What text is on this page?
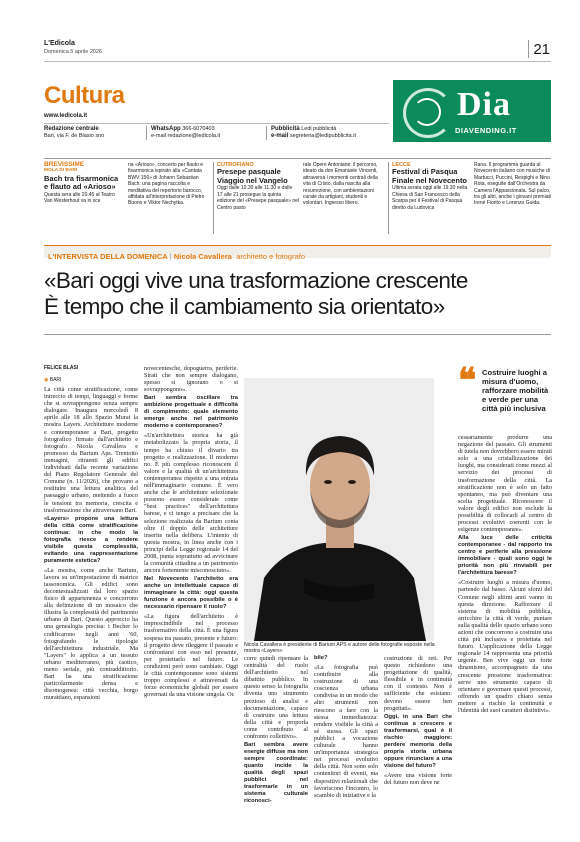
L'Edicola
Domenica 5 aprile 2026	21
Cultura
www.ledicola.it
Redazione centrale
Bari, via F. de Blasio sno
WhatsApp 366-6070403
e-mail redazione@ledicola.it
Pubblicità Ledi pubblicità
e-mail segreteria@ledipubblicita.it
Dia
DIAVENDING.IT
BREVISSIME
MOLA DI BARI
Bach tra fisarmonica e flauto ad «Arioso»
Questa sera alle 20.45 al Teatro Van Westerhout va in sce
na «Arioso», concerto per flauto e fisarmonica ispirato alla «Cantata BWV 156» di Johann Sebastian Bach: una pagina raccolta e meditativa del repertorio barocco, affidata all'interpretazione di Pietro Buono e Viktor Nechytka.
CUTROFIANO
Presepe pasquale Viaggio nel Vangelo
Oggi dalle 10.30 alle 11.30 e dalle 17 alle 21 prosegue la quinta edizione del «Presepe pasquale» nel Centro pasto
rale Opere Antoniane: il percorso, ideato da don Emanuele Vincenti, attraversa i momenti centrali della vita di Cristo, dalla nascita alla resurrezione, con ambientazioni curate da artigiani, studenti e volontari. Ingresso libero.
LECCE
Festival di Pasqua Finale nel Novecento
Ultima serata oggi alle 19.30 nella Chiesa di San Francesco della Scarpa per il Festival di Pasqua diretto da Ludovica
Rana. Il programma guarda al Novecento italiano con musiche di Martucci, Puccini, Respighi e Nino Rota, eseguite dall'Orchestra da Camera l'Appassionata. Sul palco, tra gli altri, anche i giovani premiati Irené Fiorito e Lorenzo Guida.
L'INTERVISTA DELLA DOMENICA | Nicola Cavallera architetto e fotografo
«Bari oggi vive una trasformazione crescente
È tempo che il cambiamento sia orientato»
FELICE BLASI
◉ BARI

La città come stratificazione, come intreccio di tempi, linguaggi e forme che si sovrappongono senza sempre dialogare. Inaugura mercoledì 8 aprile alle 18 allo Spazio Murat la mostra Layers. Architetture moderne e contemporanee a Bari, progetto fotografico firmato dall'architetto e fotografo Nicola Cavallera e promosso da Barium Aps. Trentotto immagini, ritraenti gli edifici individuati dalla recente variazione del Piano Regolatore Generale del Comune (n. 11/2026), che provano a restituire una lettura analitica del paesaggio urbano, mettendo a fuoco le tensioni tra memoria, crescita e trasformazione che attraversano Bari.

«Layers» propone una lettura della città come stratificazione continua: in che modo la fotografia riesce a rendere visibile questa complessità, evitando una rappresentazione puramente estetica?

«La mostra, come anche Barium, lavora su un'impostazione di matrice tassonomica. Gli edifici sono decontestualizzati dal loro spazio fisico di appartenenza e concorrono alla definizione di un mosaico che illustra la complessità del patrimonio urbano di Bari. Questo approccio ha una genealogia precisa: i Becher lo codificarono negli anni '60, fotografando le tipologie dell'architettura industriale. Ma "Layers" lo applica a un tessuto urbano mediterraneo, più caotico, meno seriale, più contraddittorio. Bari ha una stratificazione particolarmente densa e disomogenea: città vecchia, borgo murattiano, espansioni

novecentesche, dopoguerra, periferie. Strati che non sempre dialogano, spesso si ignorano o si sovrappongono».

Bari sembra oscillare tra ambizione progettuale e difficoltà di compimento: quale elemento emerge anche nel patrimonio moderno e contemporaneo?

«Un'architettura storica ha già metabolizzato la propria storia, il tempo ha chiuso il divario tra progetto e realizzazione. Il moderno no. È più complesso riconoscere il valore e la qualità di un'architettura contemporanea rispetto a una entrata nell'immaginario comune. È vero anche che le architetture selezionate possono essere considerate come "best practices" dell'architettura barese, e ci tengo a precisare che la selezione realizzata da Barium conta oltre il doppio delle architetture inserite nella delibera. L'intento di questa mostra, in linea anche con i principi della Legge regionale 14 del 2008, punta soprattutto ad avvicinare la comunità cittadina a un patrimonio ancora fortemente misconosciuto».

Nel Novecento l'architetto era anche un intellettuale capace di immaginare la città: oggi questa funzione è ancora possibile o è necessario ripensare il ruolo?

«La figura dell'architetto è imprescindibile nel processo trasformativo della città. È una figura sospesa tra passato, presente e futuro: il progetto deve rileggere il passato e confrontarsi con esso nel presente, per proiettarlo nel futuro. Le condizioni però sono cambiate. Oggi le città contemporanee sono sistemi troppo complessi e attraversati da forze economiche globali per essere governati da una visione singola. Oc

Nicola Cavallera è presidente di Barium APS e autore delle fotografie esposte nella mostra «Layers»
❝ Costruire luoghi a misura d'uomo, rafforzare mobilità e verde per una città più inclusiva

cessariamente produrre una negazione del passato. Gli strumenti di tutela non dovrebbero essere mirati solo a una cristallizzazione dei luoghi, ma considerati come mezzi al servizio dei processi di trasformazione della città. La stratificazione non è solo un fatto spontaneo, ma può diventare una scelta progettuale. Riconoscere il valore degli edifici non esclude la possibilità di collocarli al centro di processi evolutivi coerenti con le esigenze contemporanee».

Alla luce delle criticità contemporanee - dal rapporto tra centro e periferie alla pressione immobiliare - quali sono oggi le priorità non più rinviabili per l'architettura barese?

«Costruire luoghi a misura d'uomo, partendo dal basso. Alcuni sforzi del Comune negli ultimi anni vanno in questa direzione. Rafforzare il sistema di mobilità pubblica, arricchire la città di verde, puntare sulla qualità dello spazio urbano sono azioni che concorrono a costruire una città più inclusiva e proiettata nel futuro. L'applicazione della Legge regionale 14 rappresenta una priorità urgente. Ben vive oggi un forte dinamismo, accompagnato da una crescente pressione trasformativa: serve uno strumento capace di orientare e governare questi processi, offrendo un quadro chiaro senza mettere a rischio la continuità e l'identità dei suoi caratteri distintivi».

corre quindi ripensare la centralità del ruolo dell'architetto nel dibattito pubblico. In questo senso la fotografia diventa uno strumento prezioso di analisi e documentazione, capace di costruire una lettura della città e proporla come contributo al confronto collettivo».

Bari sembra avere energie diffuse ma non sempre coordinate: quanto incide la qualità degli spazi pubblici nel trasformarle in un sistema culturale riconosci-

bile?

«La fotografia può contribuire alla costruzione di una coscienza urbana condivisa in un modo che altri strumenti non riescono a fare con la stessa immediatezza: rendere visibile la città a sé stessa. Gli spazi pubblici a vocazione culturale hanno un'importanza strategica nei processi evolutivi della città. Non sono solo contenitori di eventi, ma dispositivi relazionali che favoriscono l'incontro, lo scambio di iniziative e la

costruzione di reti. Per questo richiedono una progettazione di qualità, flessibile e in continuità con il contesto. Non è sufficiente che esistano: devono essere ben progettati».

Oggi, in una Bari che continua a crescere e trasformarsi, qual è il rischio maggiore: perdere memoria della propria storia urbana oppure rinunciare a una visione del futuro?

«Avere una visione forte del futuro non deve ne
